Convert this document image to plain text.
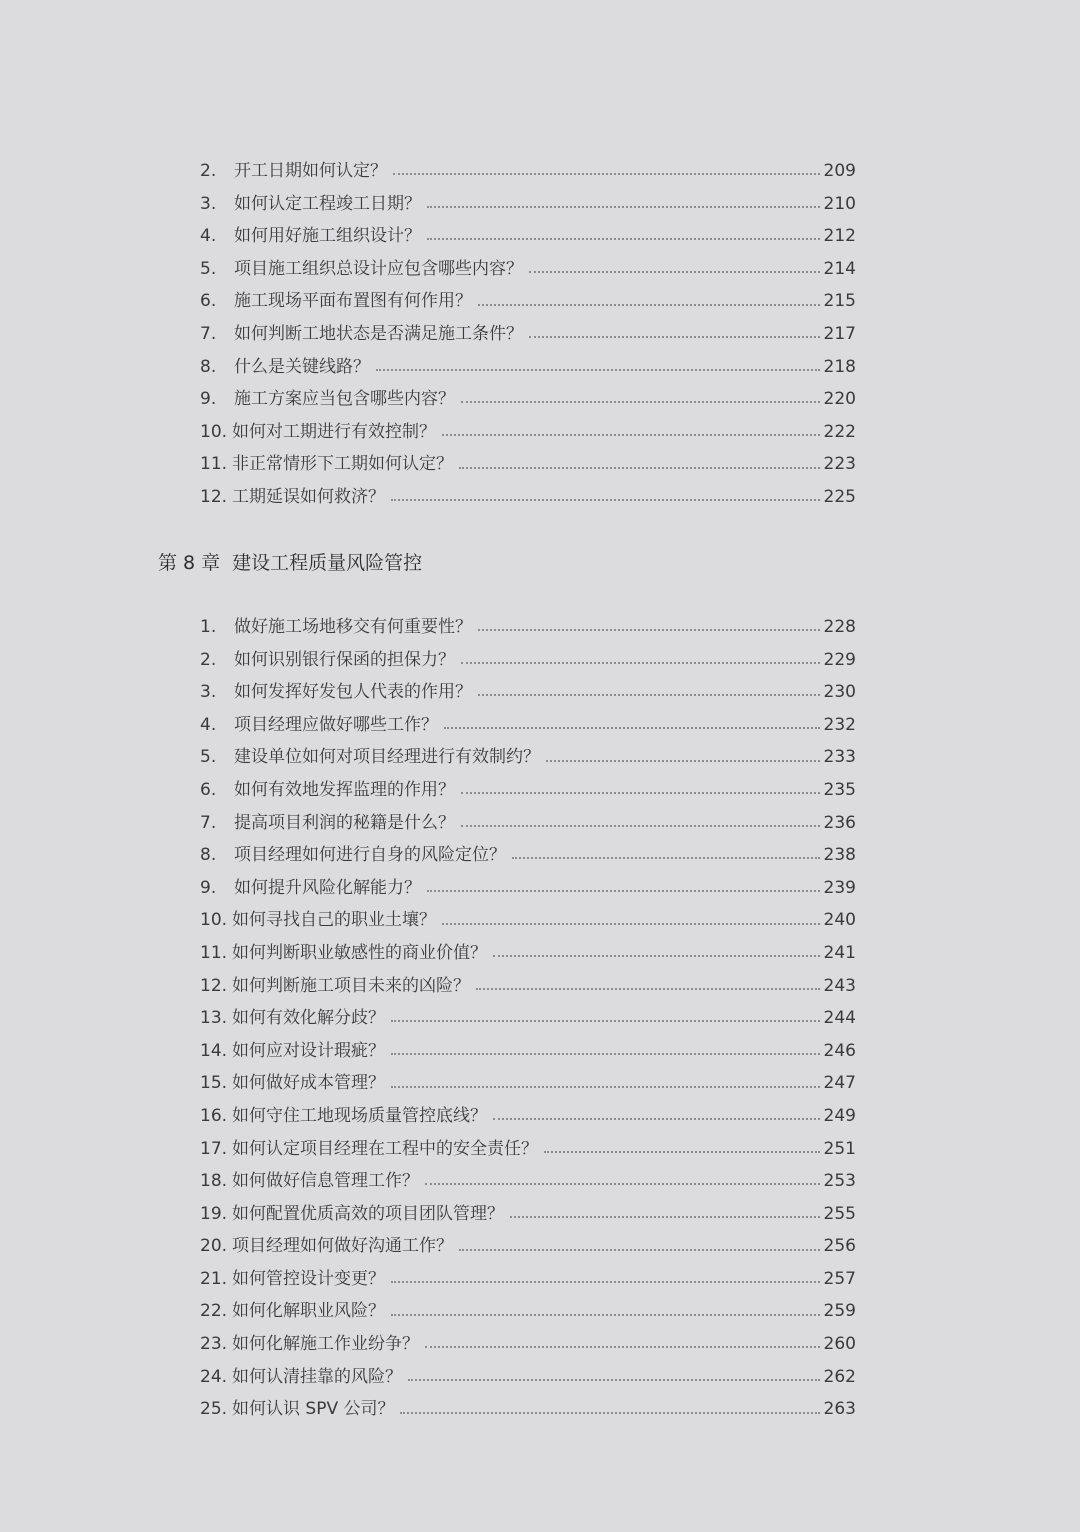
2.	开工日期如何认定？	209
3.	如何认定工程竣工日期？	210
4.	如何用好施工组织设计？	212
5.	项目施工组织总设计应包含哪些内容？	214
6.	施工现场平面布置图有何作用？	215
7.	如何判断工地状态是否满足施工条件？	217
8.	什么是关键线路？	218
9.	施工方案应当包含哪些内容？	220
10. 如何对工期进行有效控制？	222
11. 非正常情形下工期如何认定？	223
12. 工期延误如何救济？	225
第 8 章 建设工程质量风险管控
1.	做好施工场地移交有何重要性？	228
2.	如何识别银行保函的担保力？	229
3.	如何发挥好发包人代表的作用？	230
4.	项目经理应做好哪些工作？	232
5.	建设单位如何对项目经理进行有效制约？	233
6.	如何有效地发挥监理的作用？	235
7.	提高项目利润的秘籍是什么？	236
8.	项目经理如何进行自身的风险定位？	238
9.	如何提升风险化解能力？	239
10. 如何寻找自己的职业土壤？	240
11. 如何判断职业敏感性的商业价值？	241
12. 如何判断施工项目未来的凶险？	243
13. 如何有效化解分歧？	244
14. 如何应对设计瑕疵？	246
15. 如何做好成本管理？	247
16. 如何守住工地现场质量管控底线？	249
17. 如何认定项目经理在工程中的安全责任？	251
18. 如何做好信息管理工作？	253
19. 如何配置优质高效的项目团队管理？	255
20. 项目经理如何做好沟通工作？	256
21. 如何管控设计变更？	257
22. 如何化解职业风险？	259
23. 如何化解施工作业纷争？	260
24. 如何认清挂靠的风险？	262
25. 如何认识 SPV 公司？	263
